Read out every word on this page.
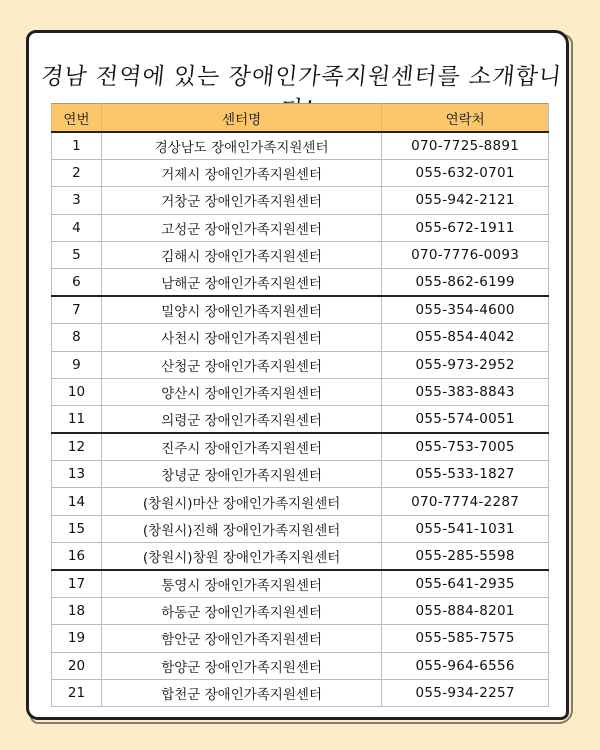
경남 전역에 있는 장애인가족지원센터를 소개합니다!
연번	센터명	연락처
1	경상남도 장애인가족지원센터	070-7725-8891
2	거제시 장애인가족지원센터	055-632-0701
3	거창군 장애인가족지원센터	055-942-2121
4	고성군 장애인가족지원센터	055-672-1911
5	김해시 장애인가족지원센터	070-7776-0093
6	남해군 장애인가족지원센터	055-862-6199
7	밀양시 장애인가족지원센터	055-354-4600
8	사천시 장애인가족지원센터	055-854-4042
9	산청군 장애인가족지원센터	055-973-2952
10	양산시 장애인가족지원센터	055-383-8843
11	의령군 장애인가족지원센터	055-574-0051
12	진주시 장애인가족지원센터	055-753-7005
13	창녕군 장애인가족지원센터	055-533-1827
14	(창원시)마산 장애인가족지원센터	070-7774-2287
15	(창원시)진해 장애인가족지원센터	055-541-1031
16	(창원시)창원 장애인가족지원센터	055-285-5598
17	통영시 장애인가족지원센터	055-641-2935
18	하동군 장애인가족지원센터	055-884-8201
19	함안군 장애인가족지원센터	055-585-7575
20	함양군 장애인가족지원센터	055-964-6556
21	합천군 장애인가족지원센터	055-934-2257
